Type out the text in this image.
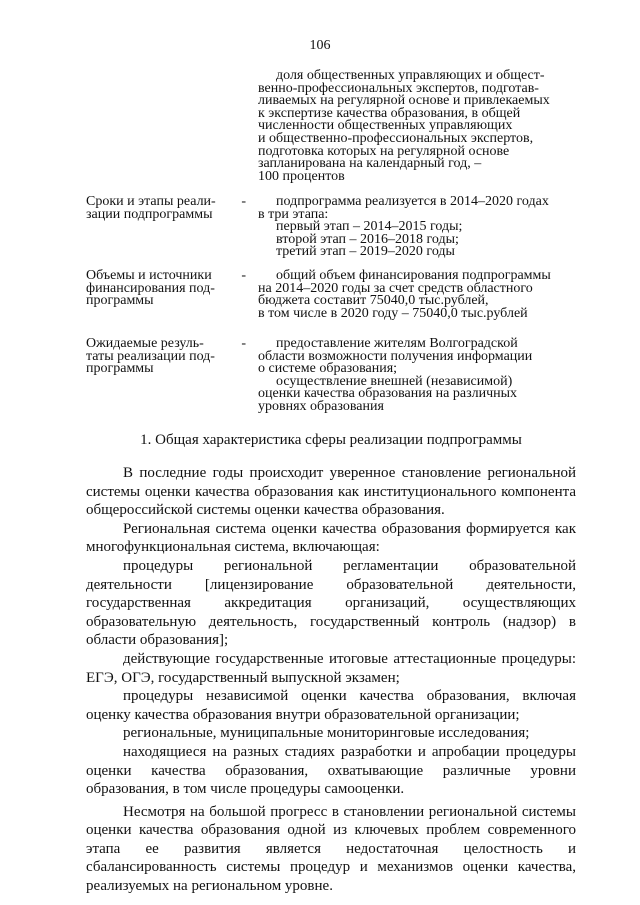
106
доля общественных управляющих и общест-
венно-профессиональных экспертов, подготав-
ливаемых на регулярной основе и привлекаемых
к экспертизе качества образования, в общей
численности общественных управляющих
и общественно-профессиональных экспертов,
подготовка которых на регулярной основе
запланирована на календарный год, –
100 процентов
Сроки и этапы реали- -
зации подпрограммы
подпрограмма реализуется в 2014–2020 годах
в три этапа:
первый этап – 2014–2015 годы;
второй этап – 2016–2018 годы;
третий этап – 2019–2020 годы
Объемы и источники -
финансирования под-
программы
общий объем финансирования подпрограммы
на 2014–2020 годы за счет средств областного
бюджета составит 75040,0 тыс.рублей,
в том числе в 2020 году – 75040,0 тыс.рублей
Ожидаемые резуль-	-
таты реализации под-
программы
предоставление жителям Волгоградской
области возможности получения информации
о системе образования;
осуществление внешней (независимой)
оценки качества образования на различных
уровнях образования
1. Общая характеристика сферы реализации подпрограммы

В последние годы происходит уверенное становление региональной системы оценки качества образования как институционального компонента общероссийской системы оценки качества образования.

Региональная система оценки качества образования формируется как многофункциональная система, включающая:

процедуры региональной регламентации образовательной деятельности [лицензирование образовательной деятельности, государственная аккредитация организаций, осуществляющих образовательную деятельность, государственный контроль (надзор) в области образования];

действующие государственные итоговые аттестационные процедуры: ЕГЭ, ОГЭ, государственный выпускной экзамен;

процедуры независимой оценки качества образования, включая оценку качества образования внутри образовательной организации;

региональные, муниципальные мониторинговые исследования;

находящиеся на разных стадиях разработки и апробации процедуры оценки качества образования, охватывающие различные уровни образования, в том числе процедуры самооценки.

Несмотря на большой прогресс в становлении региональной системы оценки качества образования одной из ключевых проблем современного этапа ее развития является недостаточная целостность и сбалансированность системы процедур и механизмов оценки качества, реализуемых на региональном уровне.
